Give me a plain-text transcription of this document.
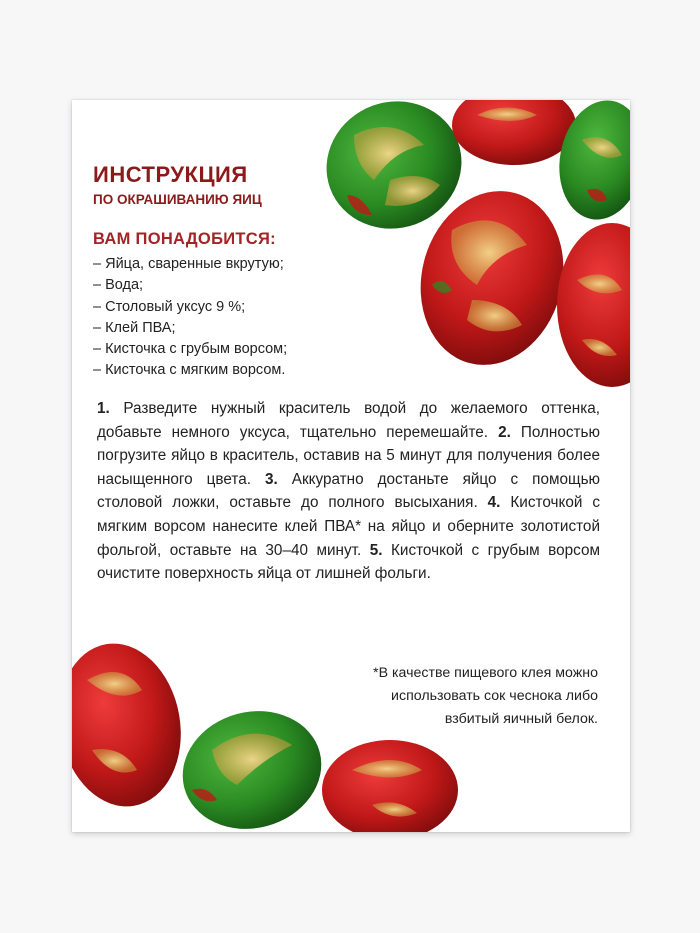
ИНСТРУКЦИЯ
ПО ОКРАШИВАНИЮ ЯИЦ
ВАМ ПОНАДОБИТСЯ:
– Яйца, сваренные вкрутую;
– Вода;
– Столовый уксус 9 %;
– Клей ПВА;
– Кисточка с грубым ворсом;
– Кисточка с мягким ворсом.

1. Разведите нужный краситель водой до желаемого оттенка, добавьте немного уксуса, тщательно перемешайте. 2. Полностью погрузите яйцо в краситель, оставив на 5 минут для получения более насыщенного цвета. 3. Аккуратно достаньте яйцо с помощью столовой ложки, оставьте до полного высыхания. 4. Кисточкой с мягким ворсом нанесите клей ПВА* на яйцо и оберните золотистой фольгой, оставьте на 30–40 минут. 5. Кисточкой с грубым ворсом очистите поверхность яйца от лишней фольги.

*В качестве пищевого клея можно
использовать сок чеснока либо
взбитый яичный белок.
